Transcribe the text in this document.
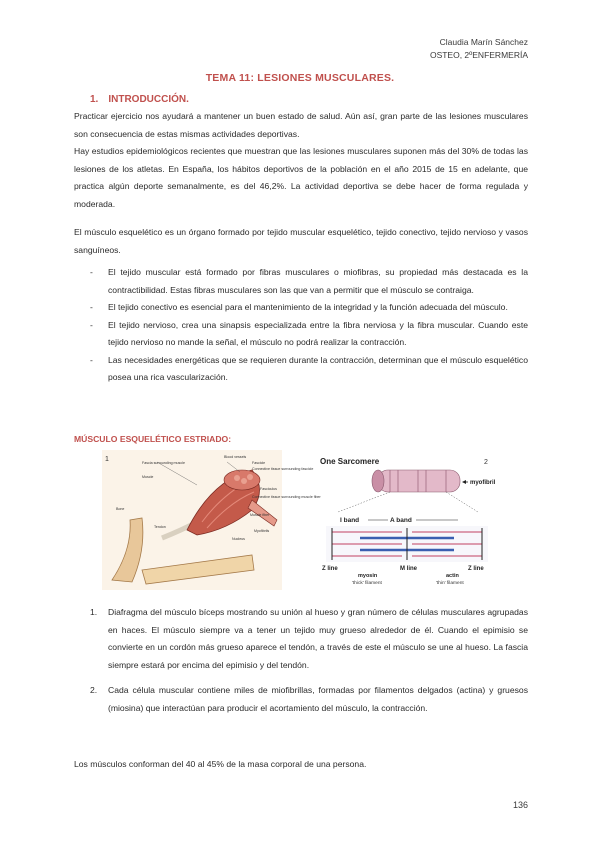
Claudia Marín Sánchez
OSTEO, 2ºENFERMERÍA
TEMA 11: LESIONES MUSCULARES.
1. INTRODUCCIÓN.
Practicar ejercicio nos ayudará a mantener un buen estado de salud. Aún así, gran parte de las lesiones musculares son consecuencia de estas mismas actividades deportivas.
Hay estudios epidemiológicos recientes que muestran que las lesiones musculares suponen más del 30% de todas las lesiones de los atletas. En España, los hábitos deportivos de la población en el año 2015 de 15 en adelante, que practica algún deporte semanalmente, es del 46,2%. La actividad deportiva se debe hacer de forma regulada y moderada.
El músculo esquelético es un órgano formado por tejido muscular esquelético, tejido conectivo, tejido nervioso y vasos sanguíneos.
- El tejido muscular está formado por fibras musculares o miofibras, su propiedad más destacada es la contractibilidad. Estas fibras musculares son las que van a permitir que el músculo se contraiga.
- El tejido conectivo es esencial para el mantenimiento de la integridad y la función adecuada del músculo.
- El tejido nervioso, crea una sinapsis especializada entre la fibra nerviosa y la fibra muscular. Cuando este tejido nervioso no mande la señal, el músculo no podrá realizar la contracción.
- Las necesidades energéticas que se requieren durante la contracción, determinan que el músculo esquelético posea una rica vascularización.
MÚSCULO ESQUELÉTICO ESTRIADO:
1	Fascia surrounding muscle
Muscle
Blood vessels
Fascicle
Connective tissue surrounding fascicle
Fasciculus
Connective tissue surrounding muscle fiber
Muscle fiber
Myofibrils
Tendon
Bone
Nucleus
One Sarcomere	2
myofibril
I band	A band
Z line	Z line
M line
myosin	actin
'thick' filament	'thin' filament
1. Diafragma del músculo bíceps mostrando su unión al hueso y gran número de células musculares agrupadas en haces. El músculo siempre va a tener un tejido muy grueso alrededor de él. Cuando el epimisio se convierte en un cordón más grueso aparece el tendón, a través de este el músculo se une al hueso. La fascia siempre estará por encima del epimisio y del tendón.
2. Cada célula muscular contiene miles de miofibrillas, formadas por filamentos delgados (actina) y gruesos (miosina) que interactúan para producir el acortamiento del músculo, la contracción.
Los músculos conforman del 40 al 45% de la masa corporal de una persona.
136
